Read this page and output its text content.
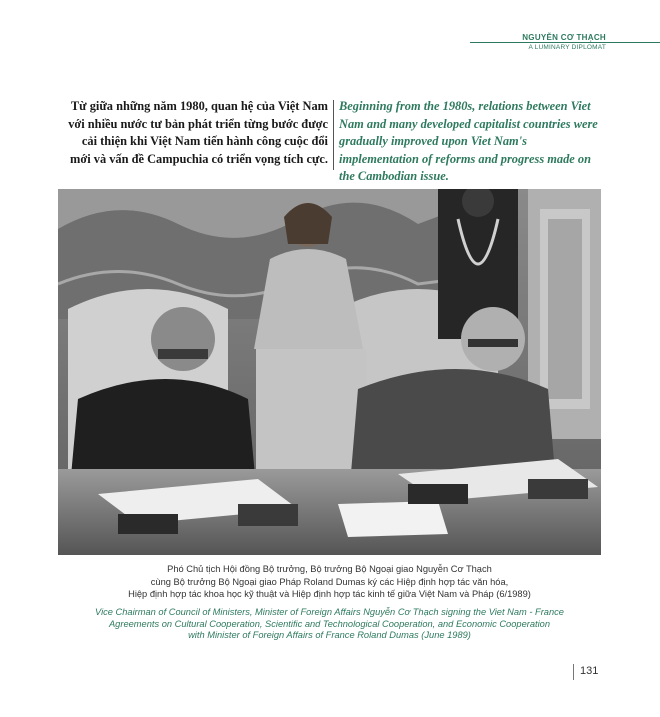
NGUYỄN CƠ THẠCH
A LUMINARY DIPLOMAT
Từ giữa những năm 1980, quan hệ của Việt Nam với nhiều nước tư bản phát triển từng bước được cải thiện khi Việt Nam tiến hành công cuộc đổi mới và vấn đề Campuchia có triển vọng tích cực.
Beginning from the 1980s, relations between Viet Nam and many developed capitalist countries were gradually improved upon Viet Nam's implementation of reforms and progress made on the Cambodian issue.
Phó Chủ tịch Hội đồng Bộ trưởng, Bộ trưởng Bộ Ngoại giao Nguyễn Cơ Thạch
cùng Bộ trưởng Bộ Ngoại giao Pháp Roland Dumas ký các Hiệp định hợp tác văn hóa,
Hiệp định hợp tác khoa học kỹ thuật và Hiệp định hợp tác kinh tế giữa Việt Nam và Pháp (6/1989)
Vice Chairman of Council of Ministers, Minister of Foreign Affairs Nguyễn Cơ Thạch signing the Viet Nam - France
Agreements on Cultural Cooperation, Scientific and Technological Cooperation, and Economic Cooperation
with Minister of Foreign Affairs of France Roland Dumas (June 1989)
131
